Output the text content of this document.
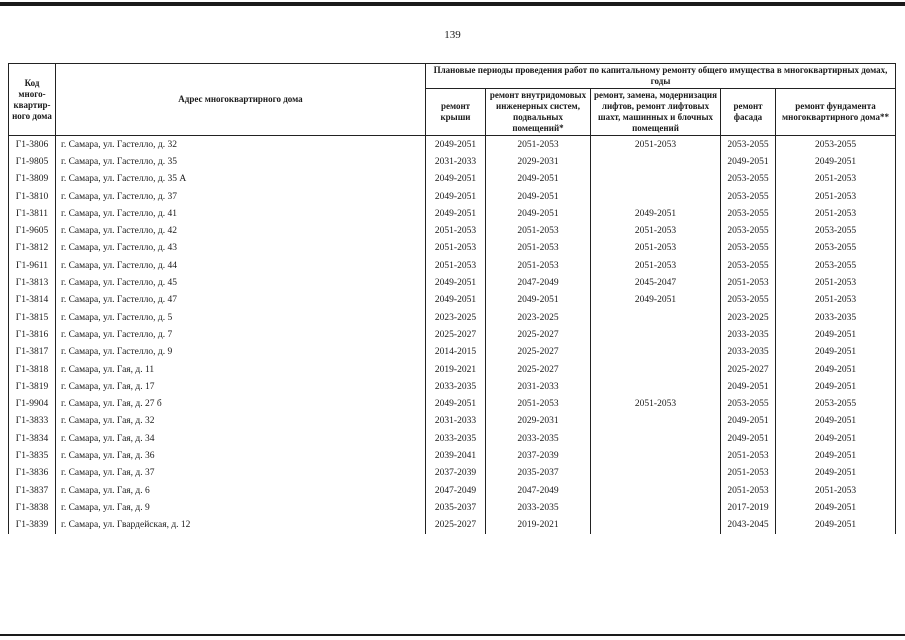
139
Код много-квартир-ного дома	Адрес многоквартирного дома	Плановые периоды проведения работ по капитальному ремонту общего имущества в многоквартирных домах, годы				
		ремонт крыши	ремонт внутридомовых инженерных систем, подвальных помещений*	ремонт, замена, модернизация лифтов, ремонт лифтовых шахт, машинных и блочных помещений	ремонт фасада	ремонт фундамента многоквартирного дома**
Г1-3806	г. Самара, ул. Гастелло, д. 32	2049-2051	2051-2053	2051-2053	2053-2055	2053-2055
Г1-9805	г. Самара, ул. Гастелло, д. 35	2031-2033	2029-2031		2049-2051	2049-2051
Г1-3809	г. Самара, ул. Гастелло, д. 35 А	2049-2051	2049-2051		2053-2055	2051-2053
Г1-3810	г. Самара, ул. Гастелло, д. 37	2049-2051	2049-2051		2053-2055	2051-2053
Г1-3811	г. Самара, ул. Гастелло, д. 41	2049-2051	2049-2051	2049-2051	2053-2055	2051-2053
Г1-9605	г. Самара, ул. Гастелло, д. 42	2051-2053	2051-2053	2051-2053	2053-2055	2053-2055
Г1-3812	г. Самара, ул. Гастелло, д. 43	2051-2053	2051-2053	2051-2053	2053-2055	2053-2055
Г1-9611	г. Самара, ул. Гастелло, д. 44	2051-2053	2051-2053	2051-2053	2053-2055	2053-2055
Г1-3813	г. Самара, ул. Гастелло, д. 45	2049-2051	2047-2049	2045-2047	2051-2053	2051-2053
Г1-3814	г. Самара, ул. Гастелло, д. 47	2049-2051	2049-2051	2049-2051	2053-2055	2051-2053
Г1-3815	г. Самара, ул. Гастелло, д. 5	2023-2025	2023-2025		2023-2025	2033-2035
Г1-3816	г. Самара, ул. Гастелло, д. 7	2025-2027	2025-2027		2033-2035	2049-2051
Г1-3817	г. Самара, ул. Гастелло, д. 9	2014-2015	2025-2027		2033-2035	2049-2051
Г1-3818	г. Самара, ул. Гая, д. 11	2019-2021	2025-2027		2025-2027	2049-2051
Г1-3819	г. Самара, ул. Гая, д. 17	2033-2035	2031-2033		2049-2051	2049-2051
Г1-9904	г. Самара, ул. Гая, д. 27 б	2049-2051	2051-2053	2051-2053	2053-2055	2053-2055
Г1-3833	г. Самара, ул. Гая, д. 32	2031-2033	2029-2031		2049-2051	2049-2051
Г1-3834	г. Самара, ул. Гая, д. 34	2033-2035	2033-2035		2049-2051	2049-2051
Г1-3835	г. Самара, ул. Гая, д. 36	2039-2041	2037-2039		2051-2053	2049-2051
Г1-3836	г. Самара, ул. Гая, д. 37	2037-2039	2035-2037		2051-2053	2049-2051
Г1-3837	г. Самара, ул. Гая, д. 6	2047-2049	2047-2049		2051-2053	2051-2053
Г1-3838	г. Самара, ул. Гая, д. 9	2035-2037	2033-2035		2017-2019	2049-2051
Г1-3839	г. Самара, ул. Гвардейская, д. 12	2025-2027	2019-2021		2043-2045	2049-2051
